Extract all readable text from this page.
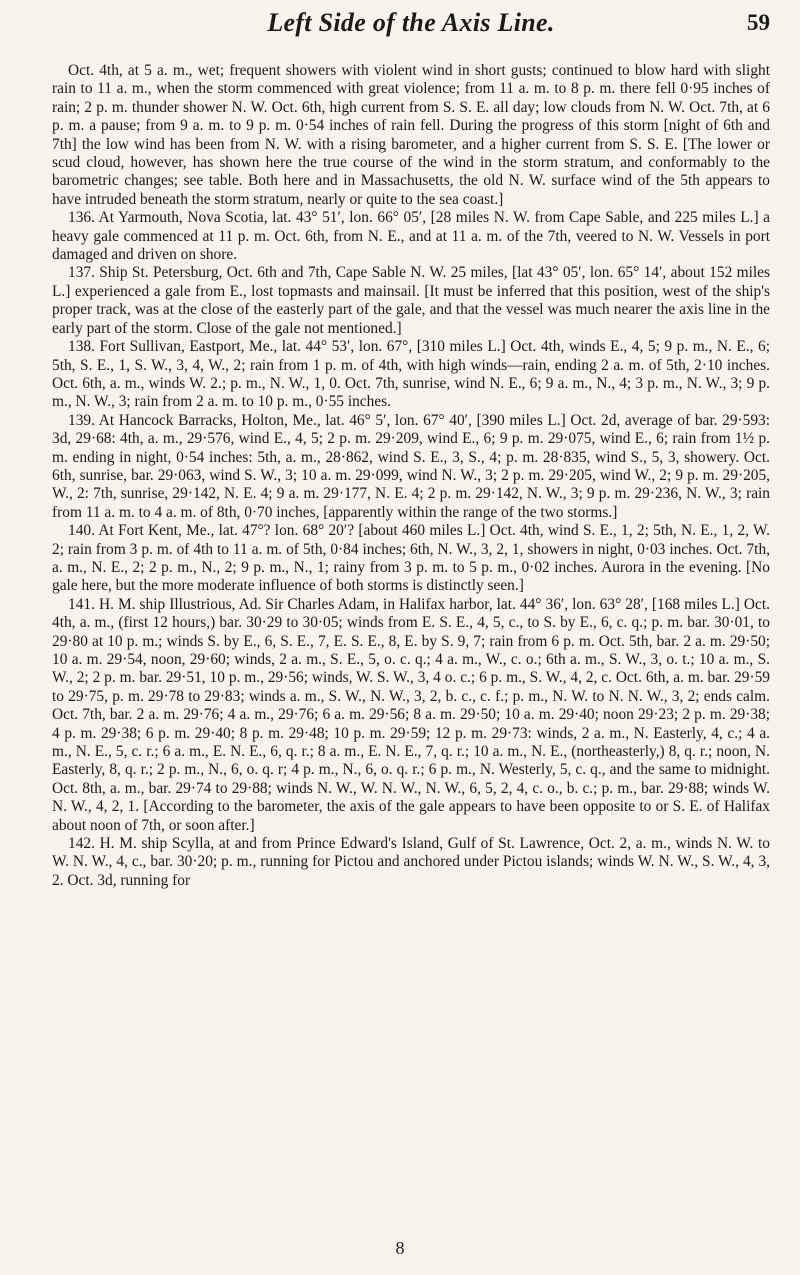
Left Side of the Axis Line.	59

Oct. 4th, at 5 a. m., wet; frequent showers with violent wind in short gusts; continued to blow hard with slight rain to 11 a. m., when the storm commenced with great violence; from 11 a. m. to 8 p. m. there fell 0·95 inches of rain; 2 p. m. thunder shower N. W. Oct. 6th, high current from S. S. E. all day; low clouds from N. W. Oct. 7th, at 6 p. m. a pause; from 9 a. m. to 9 p. m. 0·54 inches of rain fell. During the progress of this storm [night of 6th and 7th] the low wind has been from N. W. with a rising barometer, and a higher current from S. S. E. [The lower or scud cloud, however, has shown here the true course of the wind in the storm stratum, and conformably to the barometric changes; see table. Both here and in Massachusetts, the old N. W. surface wind of the 5th appears to have intruded beneath the storm stratum, nearly or quite to the sea coast.]

136. At Yarmouth, Nova Scotia, lat. 43° 51′, lon. 66° 05′, [28 miles N. W. from Cape Sable, and 225 miles L.] a heavy gale commenced at 11 p. m. Oct. 6th, from N. E., and at 11 a. m. of the 7th, veered to N. W. Vessels in port damaged and driven on shore.

137. Ship St. Petersburg, Oct. 6th and 7th, Cape Sable N. W. 25 miles, [lat 43° 05′, lon. 65° 14′, about 152 miles L.] experienced a gale from E., lost topmasts and mainsail. [It must be inferred that this position, west of the ship's proper track, was at the close of the easterly part of the gale, and that the vessel was much nearer the axis line in the early part of the storm. Close of the gale not mentioned.]

138. Fort Sullivan, Eastport, Me., lat. 44° 53′, lon. 67°, [310 miles L.] Oct. 4th, winds E., 4, 5; 9 p. m., N. E., 6; 5th, S. E., 1, S. W., 3, 4, W., 2; rain from 1 p. m. of 4th, with high winds—rain, ending 2 a. m. of 5th, 2·10 inches. Oct. 6th, a. m., winds W. 2.; p. m., N. W., 1, 0. Oct. 7th, sunrise, wind N. E., 6; 9 a. m., N., 4; 3 p. m., N. W., 3; 9 p. m., N. W., 3; rain from 2 a. m. to 10 p. m., 0·55 inches.

139. At Hancock Barracks, Holton, Me., lat. 46° 5′, lon. 67° 40′, [390 miles L.] Oct. 2d, average of bar. 29·593: 3d, 29·68: 4th, a. m., 29·576, wind E., 4, 5; 2 p. m. 29·209, wind E., 6; 9 p. m. 29·075, wind E., 6; rain from 1½ p. m. ending in night, 0·54 inches: 5th, a. m., 28·862, wind S. E., 3, S., 4; p. m. 28·835, wind S., 5, 3, showery. Oct. 6th, sunrise, bar. 29·063, wind S. W., 3; 10 a. m. 29·099, wind N. W., 3; 2 p. m. 29·205, wind W., 2; 9 p. m. 29·205, W., 2: 7th, sunrise, 29·142, N. E. 4; 9 a. m. 29·177, N. E. 4; 2 p. m. 29·142, N. W., 3; 9 p. m. 29·236, N. W., 3; rain from 11 a. m. to 4 a. m. of 8th, 0·70 inches, [apparently within the range of the two storms.]

140. At Fort Kent, Me., lat. 47°? lon. 68° 20′? [about 460 miles L.] Oct. 4th, wind S. E., 1, 2; 5th, N. E., 1, 2, W. 2; rain from 3 p. m. of 4th to 11 a. m. of 5th, 0·84 inches; 6th, N. W., 3, 2, 1, showers in night, 0·03 inches. Oct. 7th, a. m., N. E., 2; 2 p. m., N., 2; 9 p. m., N., 1; rainy from 3 p. m. to 5 p. m., 0·02 inches. Aurora in the evening. [No gale here, but the more moderate influence of both storms is distinctly seen.]

141. H. M. ship Illustrious, Ad. Sir Charles Adam, in Halifax harbor, lat. 44° 36′, lon. 63° 28′, [168 miles L.] Oct. 4th, a. m., (first 12 hours,) bar. 30·29 to 30·05; winds from E. S. E., 4, 5, c., to S. by E., 6, c. q.; p. m. bar. 30·01, to 29·80 at 10 p. m.; winds S. by E., 6, S. E., 7, E. S. E., 8, E. by S. 9, 7; rain from 6 p. m. Oct. 5th, bar. 2 a. m. 29·50; 10 a. m. 29·54, noon, 29·60; winds, 2 a. m., S. E., 5, o. c. q.; 4 a. m., W., c. o.; 6th a. m., S. W., 3, o. t.; 10 a. m., S. W., 2; 2 p. m. bar. 29·51, 10 p. m., 29·56; winds, W. S. W., 3, 4 o. c.; 6 p. m., S. W., 4, 2, c. Oct. 6th, a. m. bar. 29·59 to 29·75, p. m. 29·78 to 29·83; winds a. m., S. W., N. W., 3, 2, b. c., c. f.; p. m., N. W. to N. N. W., 3, 2; ends calm. Oct. 7th, bar. 2 a. m. 29·76; 4 a. m., 29·76; 6 a. m. 29·56; 8 a. m. 29·50; 10 a. m. 29·40; noon 29·23; 2 p. m. 29·38; 4 p. m. 29·38; 6 p. m. 29·40; 8 p. m. 29·48; 10 p. m. 29·59; 12 p. m. 29·73: winds, 2 a. m., N. Easterly, 4, c.; 4 a. m., N. E., 5, c. r.; 6 a. m., E. N. E., 6, q. r.; 8 a. m., E. N. E., 7, q. r.; 10 a. m., N. E., (northeasterly,) 8, q. r.; noon, N. Easterly, 8, q. r.; 2 p. m., N., 6, o. q. r; 4 p. m., N., 6, o. q. r.; 6 p. m., N. Westerly, 5, c. q., and the same to midnight. Oct. 8th, a. m., bar. 29·74 to 29·88; winds N. W., W. N. W., N. W., 6, 5, 2, 4, c. o., b. c.; p. m., bar. 29·88; winds W. N. W., 4, 2, 1. [According to the barometer, the axis of the gale appears to have been opposite to or S. E. of Halifax about noon of 7th, or soon after.]

142. H. M. ship Scylla, at and from Prince Edward's Island, Gulf of St. Lawrence, Oct. 2, a. m., winds N. W. to W. N. W., 4, c., bar. 30·20; p. m., running for Pictou and anchored under Pictou islands; winds W. N. W., S. W., 4, 3, 2. Oct. 3d, running for

8
